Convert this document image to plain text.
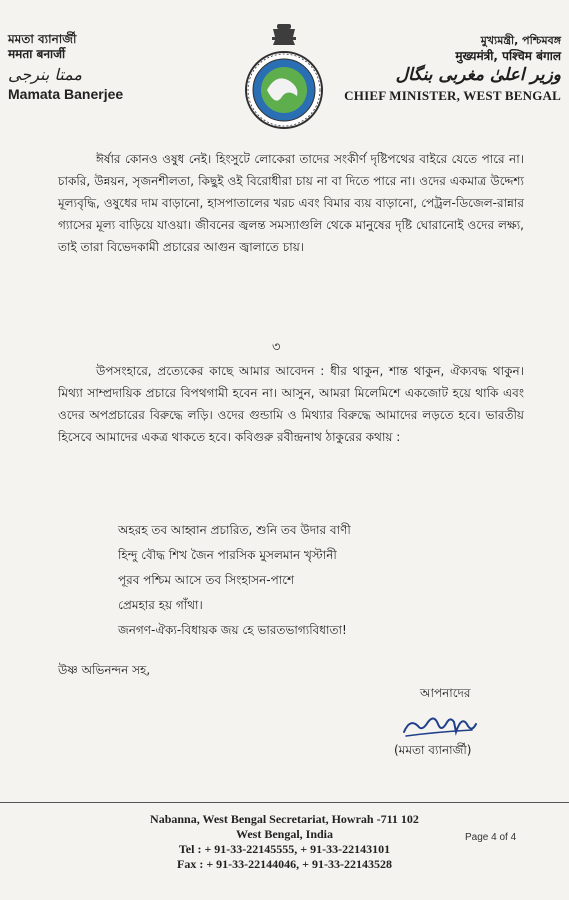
মমতা ব্যানার্জী
ममता बनार्जी
ممتا بنرجی
Mamata Banerjee
মুখ্যমন্ত্রী, পশ্চিমবঙ্গ
मुख्यमंत्री, पश्चिम बंगाल
وزیر اعلیٰ مغربی بنگال
CHIEF MINISTER, WEST BENGAL
ঈর্ষার কোনও ওষুধ নেই। হিংসুটে লোকেরা তাদের সংকীর্ণ দৃষ্টিপথের বাইরে যেতে পারে না। চাকরি, উন্নয়ন, সৃজনশীলতা, কিছুই ওই বিরোধীরা চায় না বা দিতে পারে না। ওদের একমাত্র উদ্দেশ্য মূল্যবৃদ্ধি, ওষুধের দাম বাড়ানো, হাসপাতালের খরচ এবং বিমার ব্যয় বাড়ানো, পেট্রল-ডিজেল-রান্নার গ্যাসের মূল্য বাড়িয়ে যাওয়া। জীবনের জ্বলন্ত সমস্যাগুলি থেকে মানুষের দৃষ্টি ঘোরানোই ওদের লক্ষ্য, তাই তারা বিভেদকামী প্রচারের আগুন জ্বালাতে চায়।
৩
উপসংহারে, প্রত্যেকের কাছে আমার আবেদন : ধীর থাকুন, শান্ত থাকুন, ঐক্যবদ্ধ থাকুন। মিথ্যা সাম্প্রদায়িক প্রচারে বিপথগামী হবেন না। আসুন, আমরা মিলেমিশে একজোট হয়ে থাকি এবং ওদের অপপ্রচারের বিরুদ্ধে লড়ি। ওদের গুন্ডামি ও মিথ্যার বিরুদ্ধে আমাদের লড়তে হবে। ভারতীয় হিসেবে আমাদের একত্র থাকতে হবে। কবিগুরু রবীন্দ্রনাথ ঠাকুরের কথায় :
অহরহ তব আহ্বান প্রচারিত, শুনি তব উদার বাণী
হিন্দু বৌদ্ধ শিখ জৈন পারসিক মুসলমান খৃস্টানী
পূরব পশ্চিম আসে তব সিংহাসন-পাশে
প্রেমহার হয় গাঁথা।
জনগণ-ঐক্য-বিধায়ক জয় হে ভারতভাগ্যবিধাতা!
উষ্ণ অভিনন্দন সহ,
আপনাদের
(মমতা ব্যানার্জী)
Nabanna, West Bengal Secretariat, Howrah -711 102
West Bengal, India
Tel : + 91-33-22145555, + 91-33-22143101
Fax : + 91-33-22144046, + 91-33-22143528
Page 4 of 4
